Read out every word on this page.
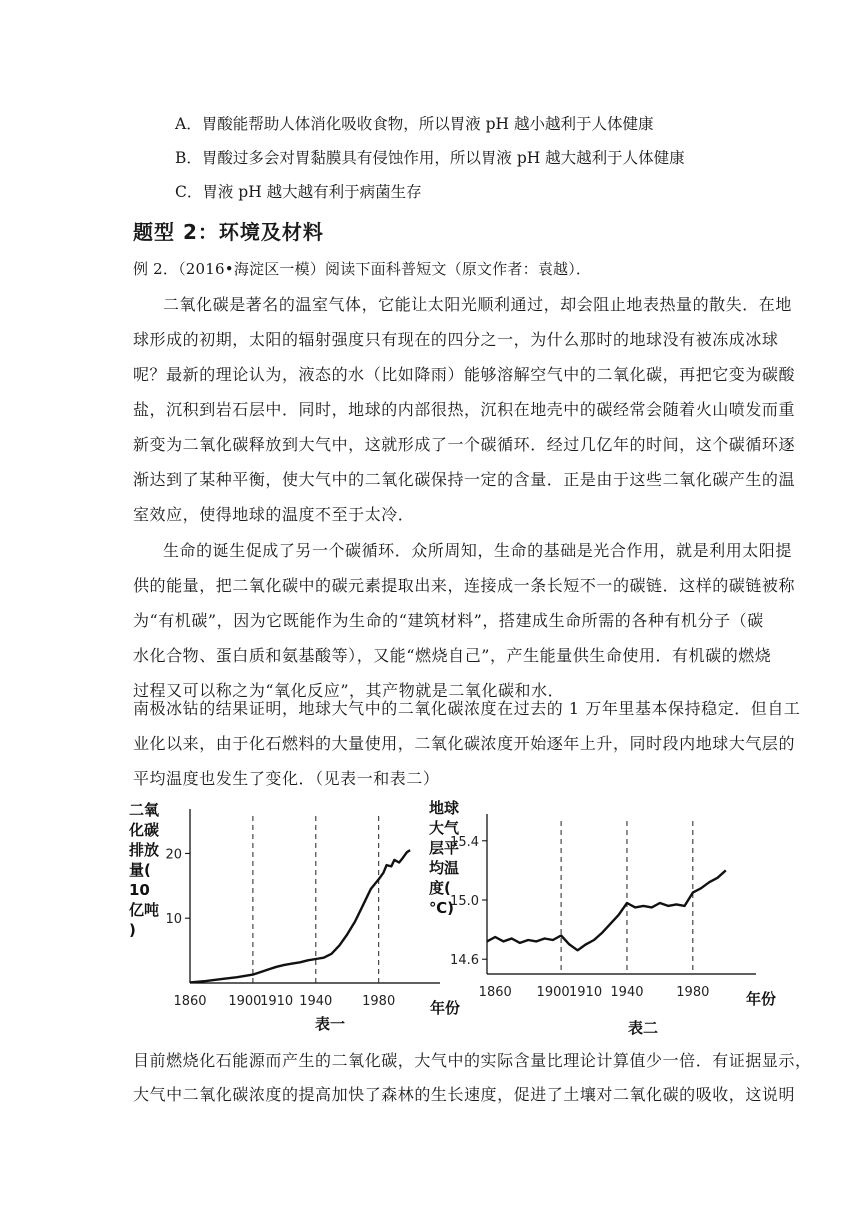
A．胃酸能帮助人体消化吸收食物，所以胃液 pH 越小越利于人体健康
B．胃酸过多会对胃黏膜具有侵蚀作用，所以胃液 pH 越大越利于人体健康
C．胃液 pH 越大越有利于病菌生存
题型 2：环境及材料
例 2．（2016•海淀区一模）阅读下面科普短文（原文作者：袁越）．
二氧化碳是著名的温室气体，它能让太阳光顺利通过，却会阻止地表热量的散失．在地
球形成的初期，太阳的辐射强度只有现在的四分之一，为什么那时的地球没有被冻成冰球
呢？最新的理论认为，液态的水（比如降雨）能够溶解空气中的二氧化碳，再把它变为碳酸
盐，沉积到岩石层中．同时，地球的内部很热，沉积在地壳中的碳经常会随着火山喷发而重
新变为二氧化碳释放到大气中，这就形成了一个碳循环．经过几亿年的时间，这个碳循环逐
渐达到了某种平衡，使大气中的二氧化碳保持一定的含量．正是由于这些二氧化碳产生的温
室效应，使得地球的温度不至于太冷．
生命的诞生促成了另一个碳循环．众所周知，生命的基础是光合作用，就是利用太阳提
供的能量，把二氧化碳中的碳元素提取出来，连接成一条长短不一的碳链．这样的碳链被称
为“有机碳”，因为它既能作为生命的“建筑材料”，搭建成生命所需的各种有机分子（碳
水化合物、蛋白质和氨基酸等），又能“燃烧自己”，产生能量供生命使用．有机碳的燃烧
过程又可以称之为“氧化反应”，其产物就是二氧化碳和水．
南极冰钻的结果证明，地球大气中的二氧化碳浓度在过去的 1 万年里基本保持稳定．但自工
业化以来，由于化石燃料的大量使用，二氧化碳浓度开始逐年上升，同时段内地球大气层的
平均温度也发生了变化．（见表一和表二）
二氧
化碳
排放
量(
10
亿吨
)
1860 1900
1910 1940 1980
10
20
年份
表一
地球
大气
层平
均温
度(
℃)
1860 1900 1910 1940	1980
14.6
15.0
15.4
年份
表二
目前燃烧化石能源而产生的二氧化碳，大气中的实际含量比理论计算值少一倍．有证据显示，
大气中二氧化碳浓度的提高加快了森林的生长速度，促进了土壤对二氧化碳的吸收，这说明
